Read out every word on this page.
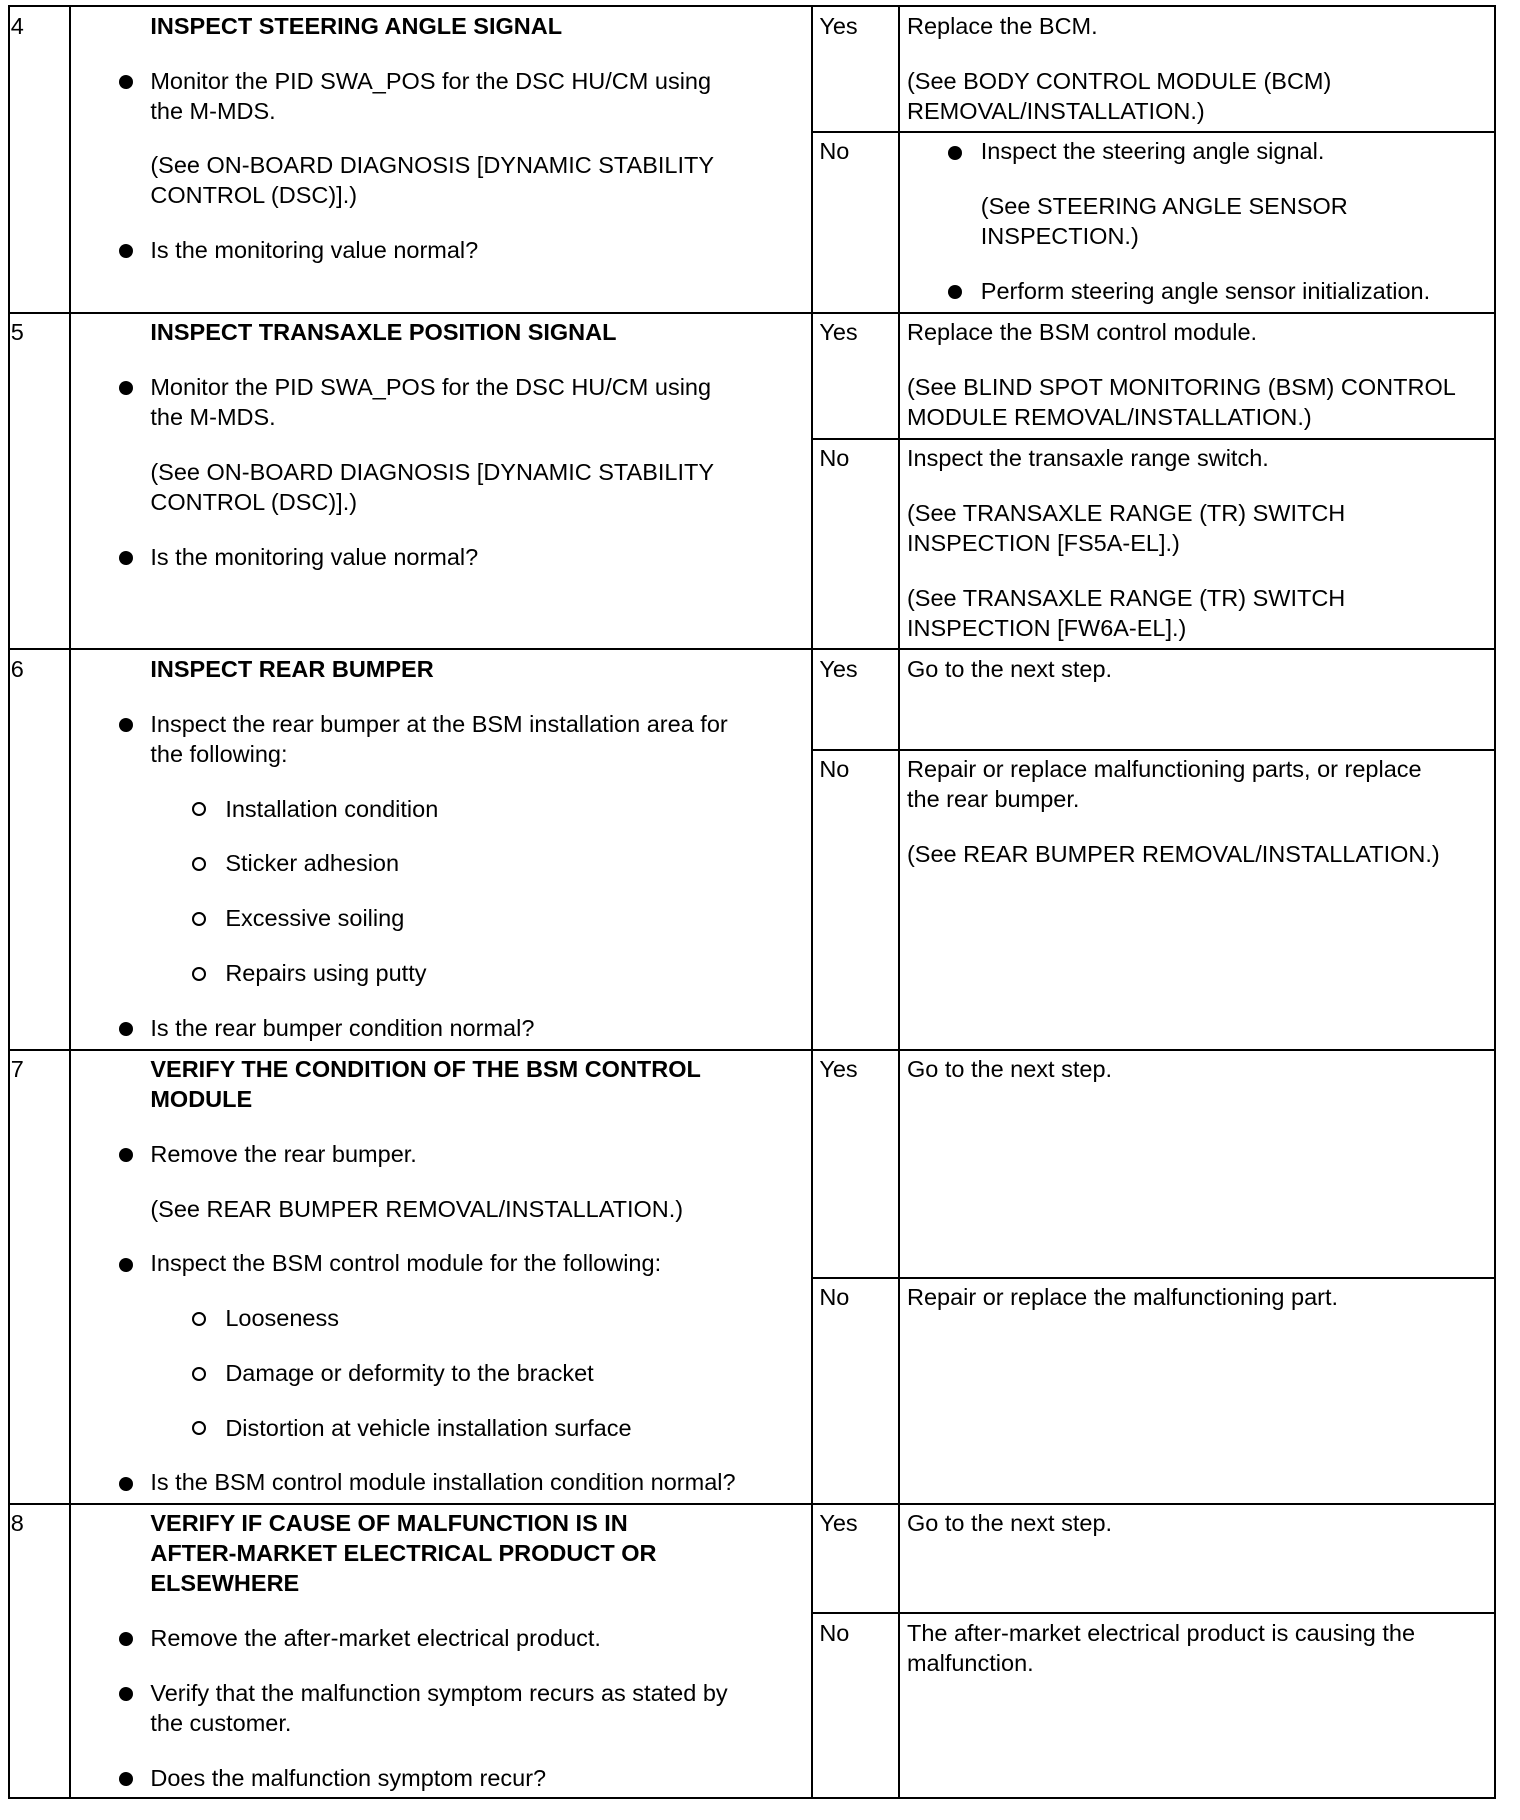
4	INSPECT STEERING ANGLE SIGNAL
Monitor the PID SWA_POS for the DSC HU/CM using
the M-MDS.
(See ON-BOARD DIAGNOSIS [DYNAMIC STABILITY
CONTROL (DSC)].)
Is the monitoring value normal?
Yes Replace the BCM.
(See BODY CONTROL MODULE (BCM)
REMOVAL/INSTALLATION.)
No	Inspect the steering angle signal.
(See STEERING ANGLE SENSOR
INSPECTION.)
Perform steering angle sensor initialization.
5	INSPECT TRANSAXLE POSITION SIGNAL
Monitor the PID SWA_POS for the DSC HU/CM using
the M-MDS.
(See ON-BOARD DIAGNOSIS [DYNAMIC STABILITY
CONTROL (DSC)].)
Is the monitoring value normal?
Yes Replace the BSM control module.
(See BLIND SPOT MONITORING (BSM) CONTROL
MODULE REMOVAL/INSTALLATION.)
No Inspect the transaxle range switch.
(See TRANSAXLE RANGE (TR) SWITCH
INSPECTION [FS5A-EL].)
(See TRANSAXLE RANGE (TR) SWITCH
INSPECTION [FW6A-EL].)
6	INSPECT REAR BUMPER
Inspect the rear bumper at the BSM installation area for
the following:
Installation condition
Sticker adhesion
Excessive soiling
Repairs using putty
Is the rear bumper condition normal?
Yes Go to the next step.
No Repair or replace malfunctioning parts, or replace
the rear bumper.
(See REAR BUMPER REMOVAL/INSTALLATION.)
7	VERIFY THE CONDITION OF THE BSM CONTROL
MODULE
Remove the rear bumper.
(See REAR BUMPER REMOVAL/INSTALLATION.)
Inspect the BSM control module for the following:
Looseness
Damage or deformity to the bracket
Distortion at vehicle installation surface
Is the BSM control module installation condition normal?
Yes Go to the next step.
No Repair or replace the malfunctioning part.
8	VERIFY IF CAUSE OF MALFUNCTION IS IN
AFTER-MARKET ELECTRICAL PRODUCT OR
ELSEWHERE
Remove the after-market electrical product.
Verify that the malfunction symptom recurs as stated by
the customer.
Does the malfunction symptom recur?
Yes Go to the next step.
No The after-market electrical product is causing the
malfunction.
